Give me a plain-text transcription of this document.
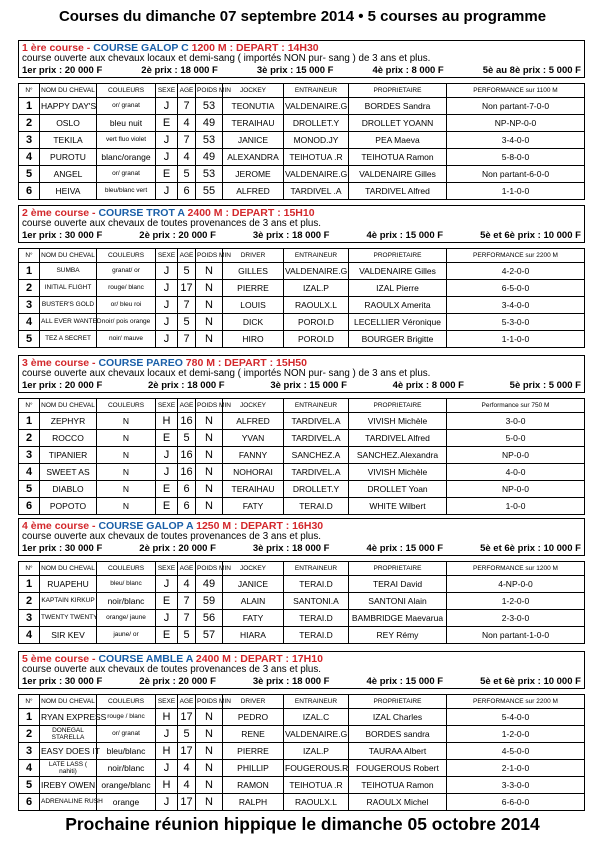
Courses du dimanche 07 septembre 2014 • 5 courses au programme
1 ère course - COURSE GALOP C 1200 M : DEPART : 14H30
course ouverte aux chevaux locaux et demi-sang ( importés NON pur- sang ) de 3 ans et plus.
1er prix : 20 000 F	2è prix : 18 000 F	3è prix : 15 000 F	4è prix : 8 000 F	5è au 8è prix : 5 000 F
N°	NOM DU CHEVAL	COULEURS	SEXE	AGE	POIDS MIN	JOCKEY	ENTRAINEUR	PROPRIETAIRE	PERFORMANCE sur 1100 M
1	HAPPY DAY'S	or/ granat	J	7	53	TEONUTIA	VALDENAIRE.G	BORDES Sandra	Non partant-7-0-0
2	OSLO	bleu nuit	E	4	49	TERAIHAU	DROLLET.Y	DROLLET YOANN	NP-NP-0-0
3	TEKILA	vert fluo violet	J	7	53	JANICE	MONOD.JY	PEA Maeva	3-4-0-0
4	PUROTU	blanc/orange	J	4	49	ALEXANDRA	TEIHOTUA .R	TEIHOTUA Ramon	5-8-0-0
5	ANGEL	or/ granat	E	5	53	JEROME	VALDENAIRE.G	VALDENAIRE Gilles	Non partant-6-0-0
6	HEIVA	bleu/blanc vert	J	6	55	ALFRED	TARDIVEL .A	TARDIVEL Alfred	1-1-0-0
2 ème course - COURSE TROT A 2400 M : DEPART : 15H10
course ouverte aux chevaux de toutes provenances de 3 ans et plus.
1er prix : 30 000 F	2è prix : 20 000 F	3è prix : 18 000 F	4è prix : 15 000 F	5è et 6è prix : 10 000 F
N°	NOM DU CHEVAL	COULEURS	SEXE	AGE	POIDS MIN	DRIVER	ENTRAINEUR	PROPRIETAIRE	PERFORMANCE sur 2200 M
1	SUMBA	granat/ or	J	5	N	GILLES	VALDENAIRE.G	VALDENAIRE Gilles	4-2-0-0
2	INITIAL FLIGHT	rouge/ blanc	J	17	N	PIERRE	IZAL.P	IZAL Pierre	6-5-0-0
3	BUSTER'S GOLD	or/ bleu roi	J	7	N	LOUIS	RAOULX.L	RAOULX Amerita	3-4-0-0
4	ALL EVER WANTED	noir/ pois orange	J	5	N	DICK	POROI.D	LECELLIER Véronique	5-3-0-0
5	TEZ A SECRET	noir/ mauve	J	7	N	HIRO	POROI.D	BOURGER Brigitte	1-1-0-0
3 ème course - COURSE PAREO 780 M : DEPART : 15H50
course ouverte aux chevaux locaux et demi-sang ( importés NON pur- sang ) de 3 ans et plus.
1er prix : 20 000 F	2è prix : 18 000 F	3è prix : 15 000 F	4è prix : 8 000 F	5è prix : 5 000 F
N°	NOM DU CHEVAL	COULEURS	SEXE	AGE	POIDS MIN	JOCKEY	ENTRAINEUR	PROPRIETAIRE	Performance sur 750 M
1	ZEPHYR	N	H	16	N	ALFRED	TARDIVEL.A	VIVISH Michèle	3-0-0
2	ROCCO	N	E	5	N	YVAN	TARDIVEL.A	TARDIVEL Alfred	5-0-0
3	TIPANIER	N	J	16	N	FANNY	SANCHEZ.A	SANCHEZ.Alexandra	NP-0-0
4	SWEET AS	N	J	16	N	NOHORAI	TARDIVEL.A	VIVISH Michèle	4-0-0
5	DIABLO	N	E	6	N	TERAIHAU	DROLLET.Y	DROLLET Yoan	NP-0-0
6	POPOTO	N	E	6	N	FATY	TERAI.D	WHITE Wilbert	1-0-0
4 ème course - COURSE GALOP A 1250 M : DEPART : 16H30
course ouverte aux chevaux de toutes provenances de 3 ans et plus.
1er prix : 30 000 F	2è prix : 20 000 F	3è prix : 18 000 F	4è prix : 15 000 F	5è et 6è prix : 10 000 F
N°	NOM DU CHEVAL	COULEURS	SEXE	AGE	POIDS MIN	JOCKEY	ENTRAINEUR	PROPRIETAIRE	PERFORMANCE sur 1200 M
1	RUAPEHU	bleu/ blanc	J	4	49	JANICE	TERAI.D	TERAI David	4-NP-0-0
2	KAPTAIN KIRKUP	noir/blanc	E	7	59	ALAIN	SANTONI.A	SANTONI Alain	1-2-0-0
3	TWENTY TWENTY	orange/ jaune	J	7	56	FATY	TERAI.D	BAMBRIDGE Maevarua	2-3-0-0
4	SIR KEV	jaune/ or	E	5	57	HIARA	TERAI.D	REY Rémy	Non partant-1-0-0
5 ème course - COURSE AMBLE A 2400 M : DEPART : 17H10
course ouverte aux chevaux de toutes provenances de 3 ans et plus.
1er prix : 30 000 F	2è prix : 20 000 F	3è prix : 18 000 F	4è prix : 15 000 F	5è et 6è prix : 10 000 F
N°	NOM DU CHEVAL	COULEURS	SEXE	AGE	POIDS MIN	DRIVER	ENTRAINEUR	PROPRIETAIRE	PERFORMANCE sur 2200 M
1	RYAN EXPRESS	rouge / blanc	H	17	N	PEDRO	IZAL.C	IZAL Charles	5-4-0-0
2	DONEGAL STARELLA	or/ granat	J	5	N	RENE	VALDENAIRE.G	BORDES sandra	1-2-0-0
3	EASY DOES IT	bleu/blanc	H	17	N	PIERRE	IZAL.P	TAURAA Albert	4-5-0-0
4	LATE LASS ( nahiti)	noir/blanc	J	4	N	PHILLIP	FOUGEROUS.R	FOUGEROUS Robert	2-1-0-0
5	IREBY OWEN	orange/blanc	H	4	N	RAMON	TEIHOTUA .R	TEIHOTUA Ramon	3-3-0-0
6	ADRENALINE RUSH	orange	J	17	N	RALPH	RAOULX.L	RAOULX Michel	6-6-0-0
Prochaine réunion hippique le dimanche 05 octobre 2014
